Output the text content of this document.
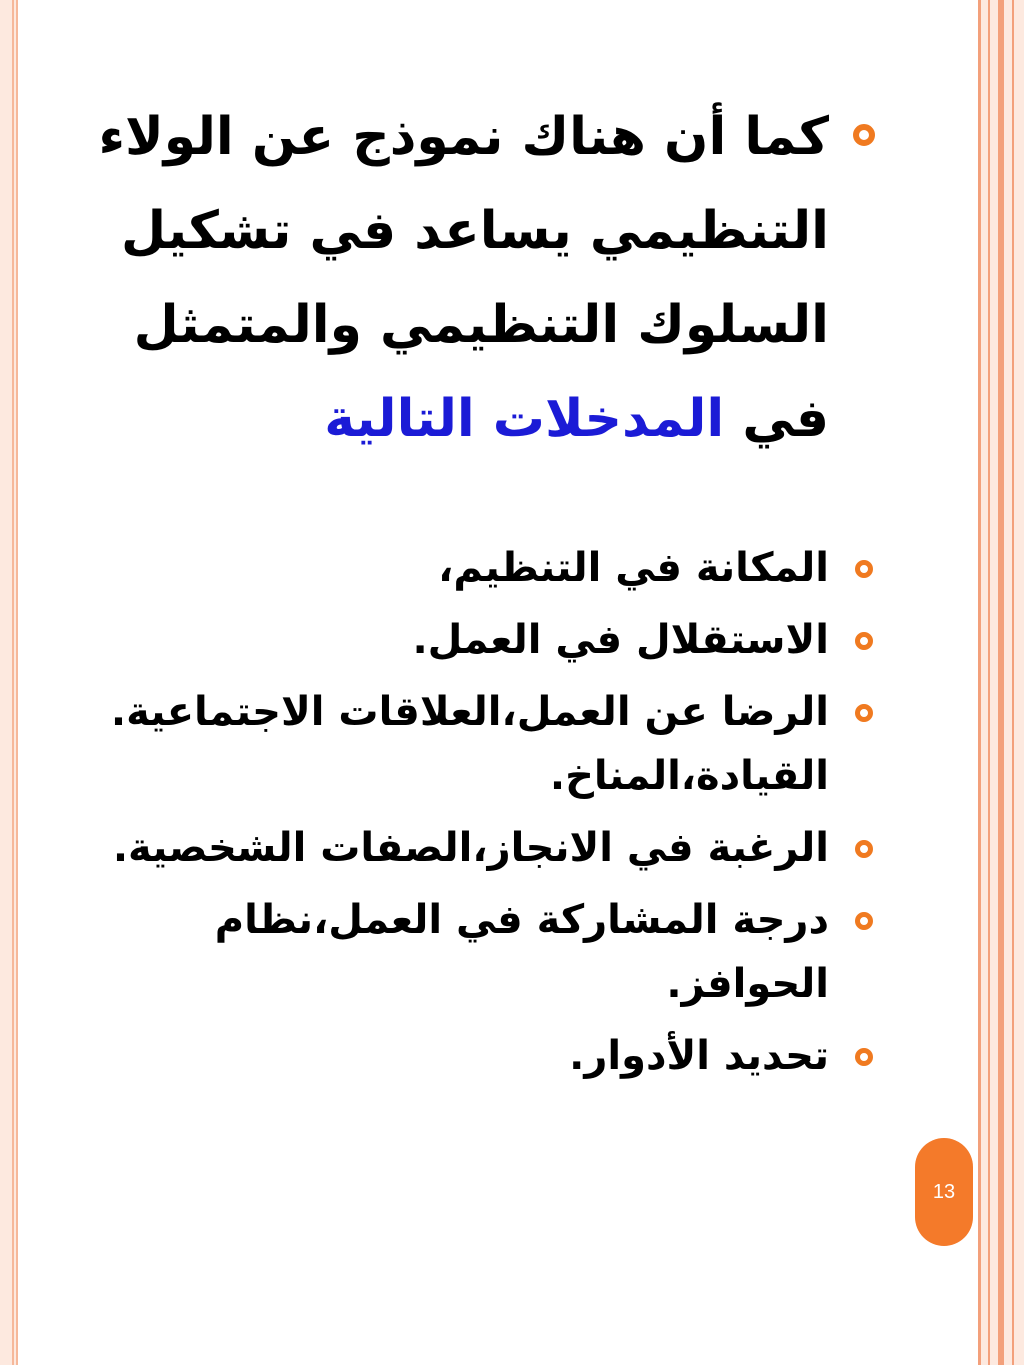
كما أن هناك نموذج عن الولاء التنظيمي يساعد في تشكيل السلوك التنظيمي والمتمثل في المدخلات التالية

المكانة في التنظيم،
الاستقلال في العمل.
الرضا عن العمل،العلاقات الاجتماعية. القيادة،المناخ.
الرغبة في الانجاز،الصفات الشخصية.
درجة المشاركة في العمل،نظام الحوافز.
تحديد الأدوار.
13
